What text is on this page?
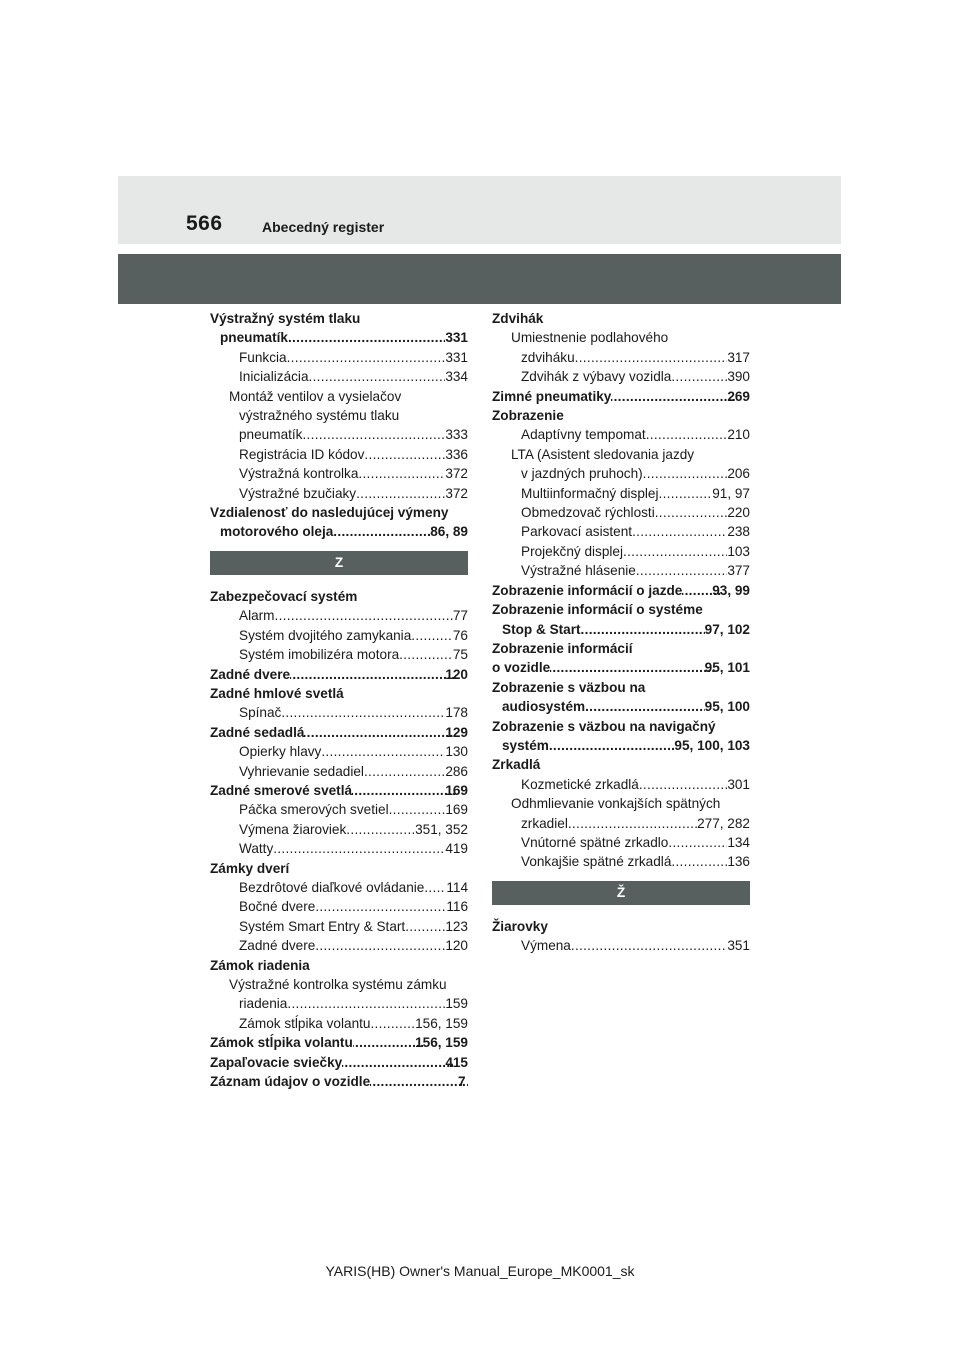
566	Abecedný register
Výstražný systém tlaku
pneumatík .....	331
Funkcia .....	331
Inicializácia .....	334
Montáž ventilov a vysielačov
výstražného systému tlaku
pneumatík .....	333
Registrácia ID kódov .....	336
Výstražná kontrolka .....	372
Výstražné bzučiaky .....	372
Vzdialenosť do nasledujúcej výmeny
motorového oleja .....	86, 89
Z
Zabezpečovací systém
Alarm .....	77
Systém dvojitého zamykania .....	76
Systém imobilizéra motora .....	75
Zadné dvere .....	120
Zadné hmlové svetlá
Spínač .....	178
Zadné sedadlá .....	129
Opierky hlavy .....	130
Vyhrievanie sedadiel .....	286
Zadné smerové svetlá .....	169
Páčka smerových svetiel .....	169
Výmena žiaroviek .....	351, 352
Watty .....	419
Zámky dverí
Bezdrôtové diaľkové ovládanie ..... 114
Bočné dvere .....	116
Systém Smart Entry & Start .....	123
Zadné dvere .....	120
Zámok riadenia
Výstražné kontrolka systému zámku
riadenia .....	159
Zámok stĺpika volantu .....	156, 159
Zámok stĺpika volantu .....	156, 159
Zapaľovacie sviečky .....	415
Záznam údajov o vozidle .....	7
Zdvihák
Umiestnenie podlahového
zdviháku .....	317
Zdvihák z výbavy vozidla .....	390
Zimné pneumatiky .....	269
Zobrazenie
Adaptívny tempomat .....	210
LTA (Asistent sledovania jazdy
v jazdných pruhoch) .....	206
Multiinformačný displej .....	91, 97
Obmedzovač rýchlosti .....	220
Parkovací asistent .....	238
Projekčný displej .....	103
Výstražné hlásenie .....	377
Zobrazenie informácií o jazde ..... 93, 99
Zobrazenie informácií o systéme
Stop & Start .....	97, 102
Zobrazenie informácií
o vozidle .....	95, 101
Zobrazenie s väzbou na
audiosystém .....	95, 100
Zobrazenie s väzbou na navigačný
systém .....	95, 100, 103
Zrkadlá
Kozmetické zrkadlá .....	301
Odhmlievanie vonkajších spätných
zrkadiel .....	277, 282
Vnútorné spätné zrkadlo .....	134
Vonkajšie spätné zrkadlá .....	136
Ž
Žiarovky
Výmena .....	351
YARIS(HB) Owner's Manual_Europe_MK0001_sk
